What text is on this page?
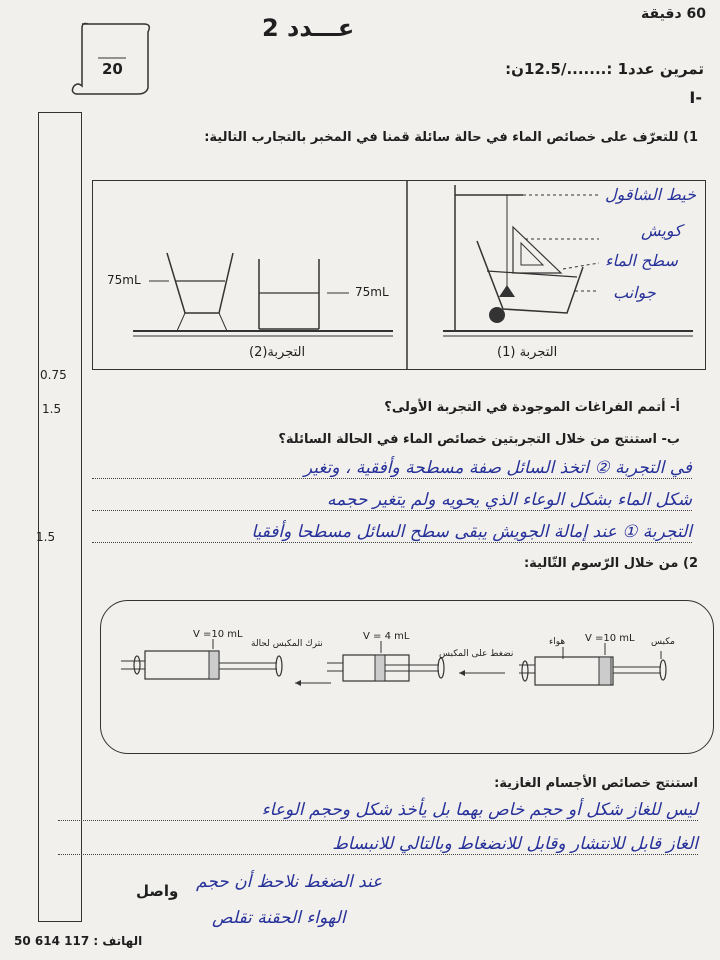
60 دقيقة
عـــدد 2
20	تمرين عدد1 :......./12.5ن:
I-
0.75
1.5
1.5
1) للتعرّف على خصائص الماء في حالة سائلة قمنا في المخبر بالتجارب التالية:
75mL
75mL
التجربة(2)	التجربة (1)
خيط الشاقول
كويش
سطح الماء
جوانب
أ- أتمم الفراغات الموجودة في التجربة الأولى؟
ب- استنتج من خلال التجربتين خصائص الماء في الحالة السائلة؟
في التجربة ② اتخذ السائل صفة مسطحة وأفقية ، وتغير
شكل الماء بشكل الوعاء الذي يحويه ولم يتغير حجمه
التجربة ① عند إمالة الجويش يبقى سطح السائل مسطحا وأفقيا
2) من خلال الرّسوم التّالية:
V =10 mL
نترك المكبس لحالة
V = 4 mL
نضغط على المكبس
هواء V =10 mL مكبس
استنتج خصائص الأجسام الغازية:
ليس للغاز شكل أو حجم خاص بهما بل يأخذ شكل وحجم الوعاء
الغاز قابل للانتشار وقابل للانضغاط وبالتالي للانبساط
عند الضغط نلاحظ أن حجم
الهواء الحقنة تقلص
واصل
الهاتف : 117 614 50
